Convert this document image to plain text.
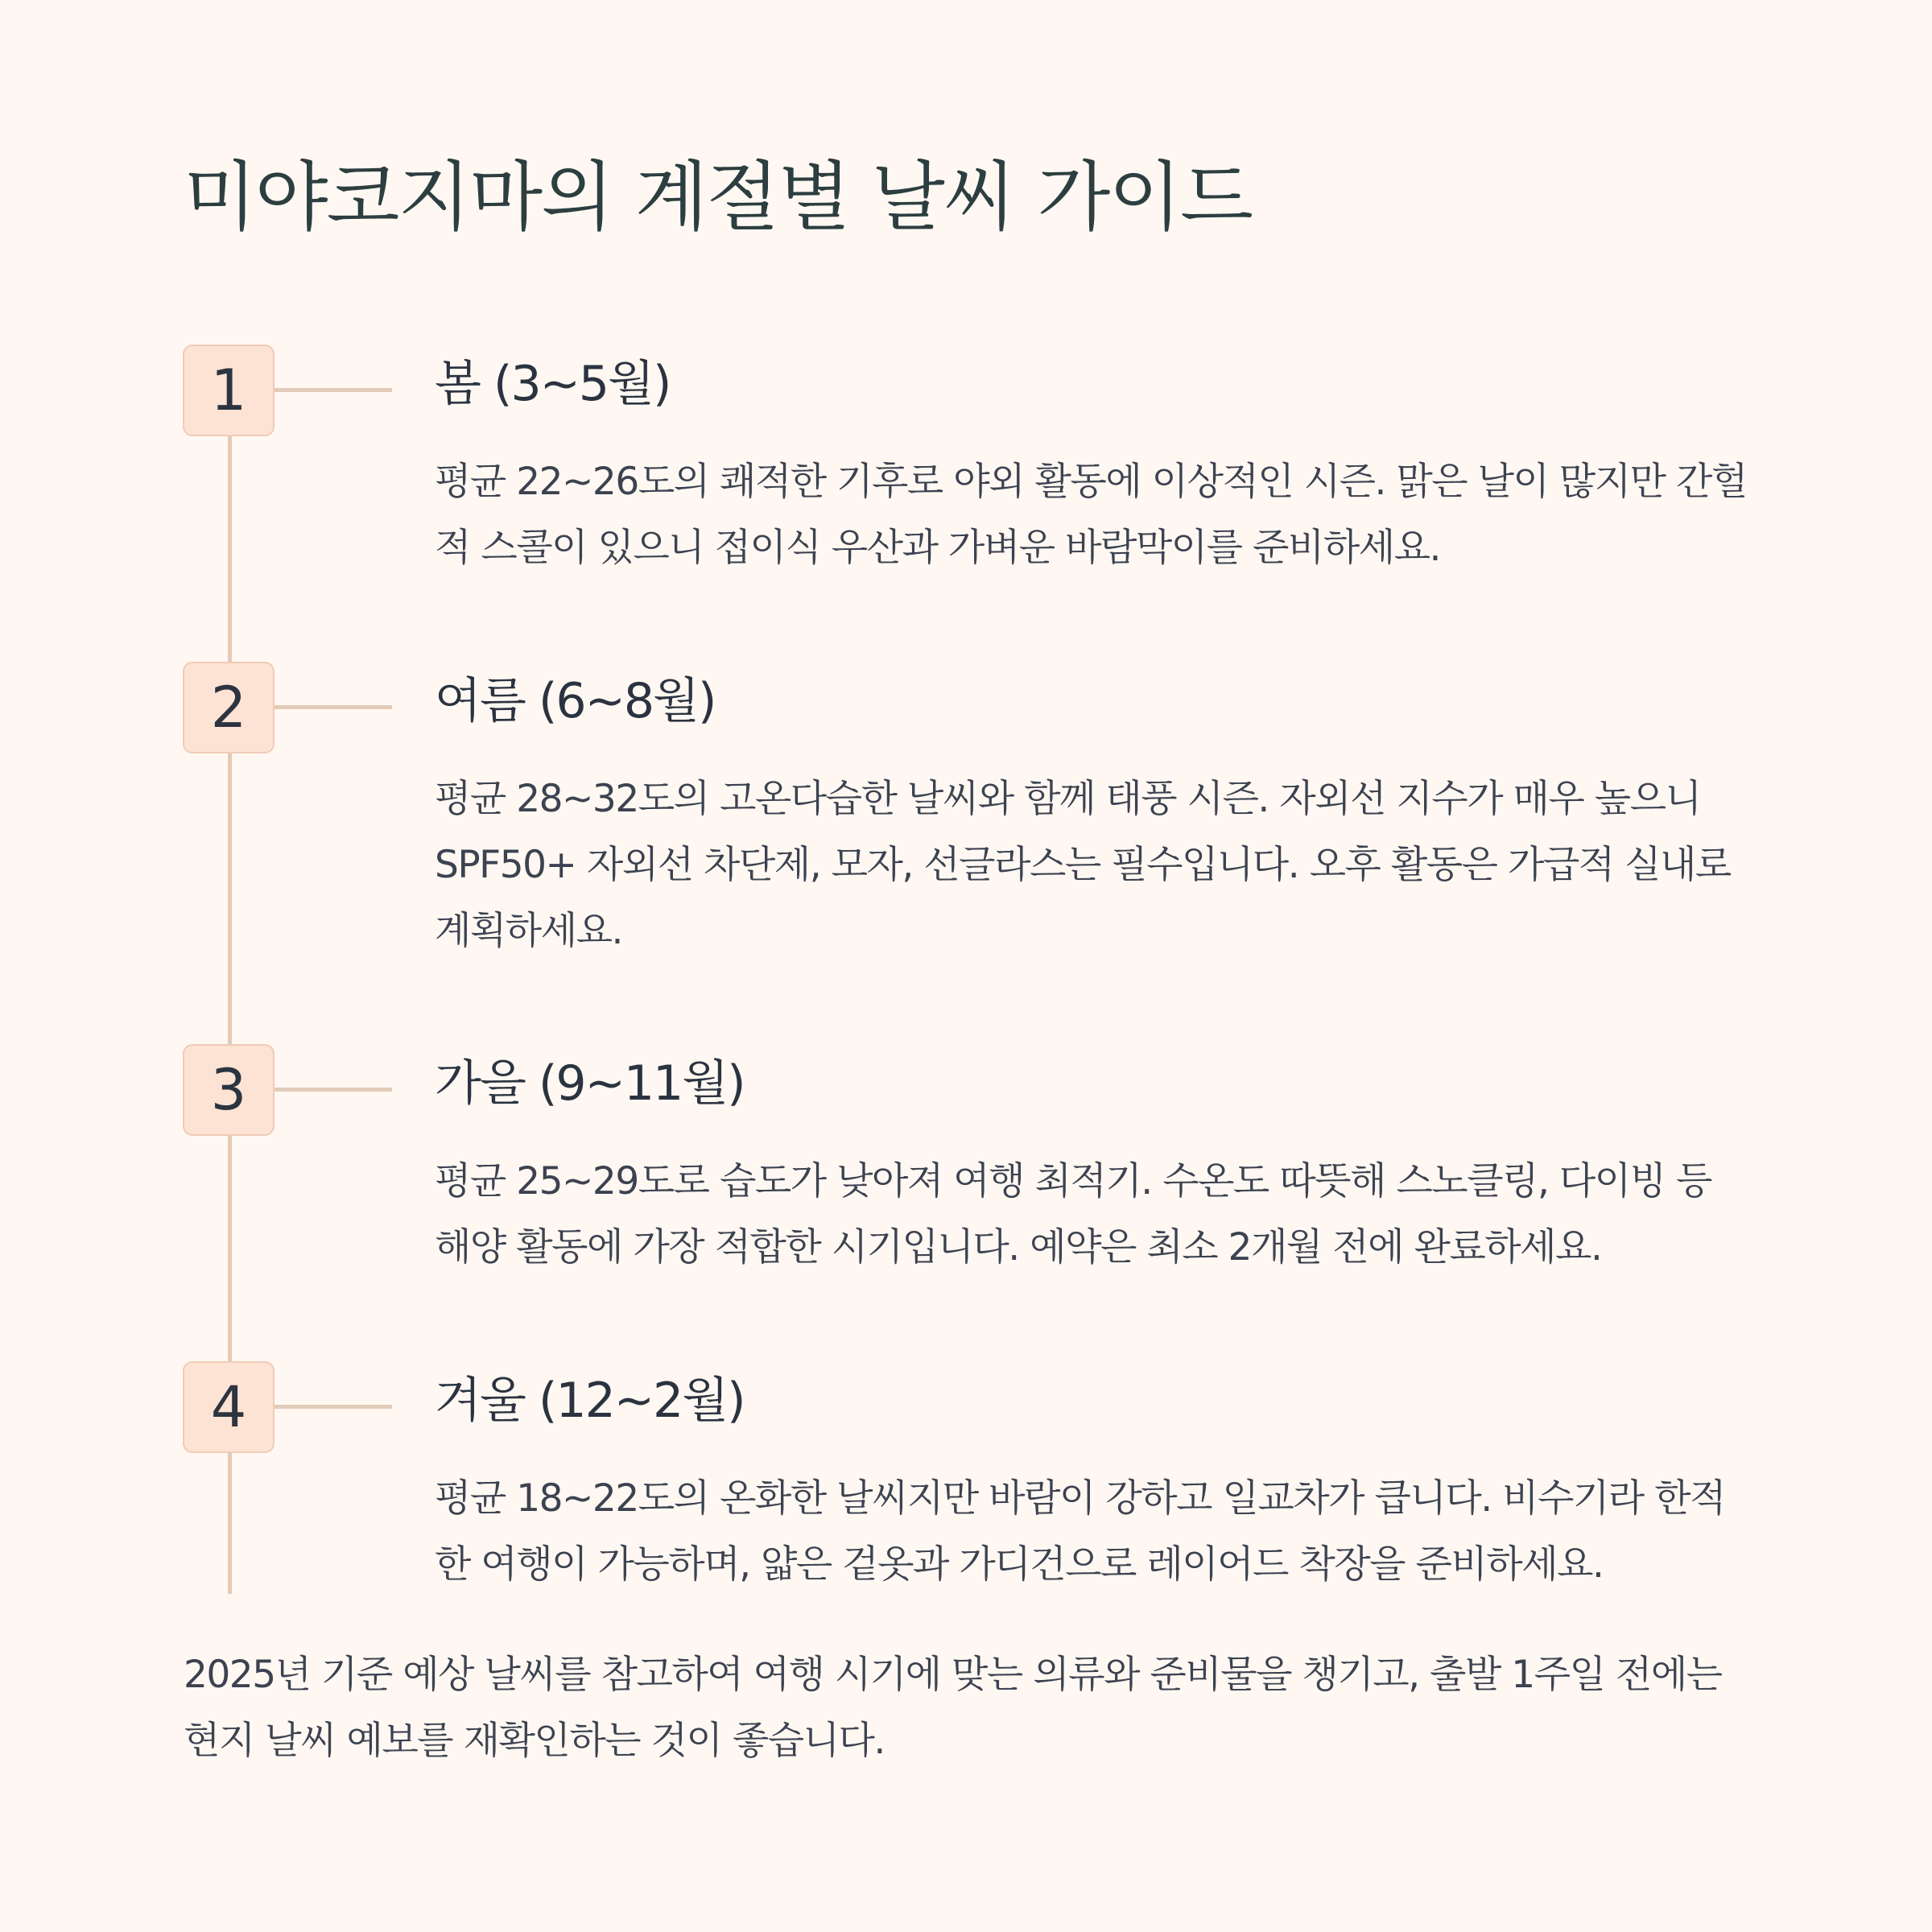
미야코지마의 계절별 날씨 가이드
1	봄 (3~5월)

평균 22~26도의 쾌적한 기후로 야외 활동에 이상적인 시즌. 맑은 날이 많지만 간헐적 스콜이 있으니 접이식 우산과 가벼운 바람막이를 준비하세요.

2	여름 (6~8월)

평균 28~32도의 고온다습한 날씨와 함께 태풍 시즌. 자외선 지수가 매우 높으니 SPF50+ 자외선 차단제, 모자, 선글라스는 필수입니다. 오후 활동은 가급적 실내로 계획하세요.

3	가을 (9~11월)

평균 25~29도로 습도가 낮아져 여행 최적기. 수온도 따뜻해 스노클링, 다이빙 등 해양 활동에 가장 적합한 시기입니다. 예약은 최소 2개월 전에 완료하세요.

4	겨울 (12~2월)

평균 18~22도의 온화한 날씨지만 바람이 강하고 일교차가 큽니다. 비수기라 한적한 여행이 가능하며, 얇은 겉옷과 가디건으로 레이어드 착장을 준비하세요.

2025년 기준 예상 날씨를 참고하여 여행 시기에 맞는 의류와 준비물을 챙기고, 출발 1주일 전에는 현지 날씨 예보를 재확인하는 것이 좋습니다.
